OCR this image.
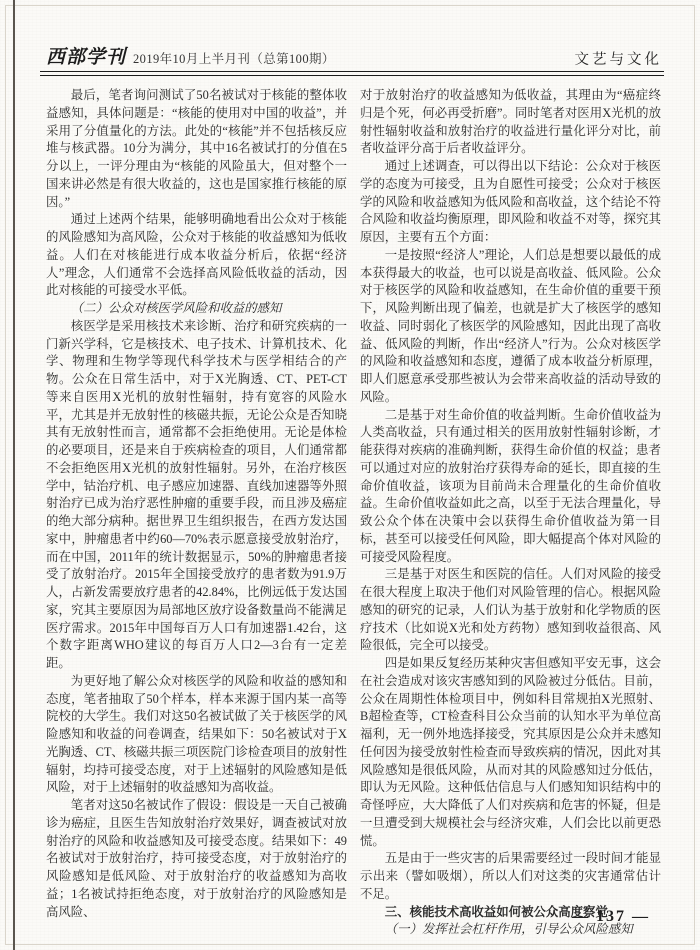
西部学刊 2019年10月上半月刊（总第100期）	文艺与文化

最后，笔者询问测试了50名被试对于核能的整体收益感知，具体问题是：“核能的使用对中国的收益”，并采用了分值量化的方法。此处的“核能”并不包括核反应堆与核武器。10分为满分，其中16名被试打的分值在5分以上，一评分理由为“核能的风险虽大，但对整个一国来讲必然是有很大收益的，这也是国家推行核能的原因。”

通过上述两个结果，能够明确地看出公众对于核能的风险感知为高风险，公众对于核能的收益感知为低收益。人们在对核能进行成本收益分析后，依据“经济人”理念，人们通常不会选择高风险低收益的活动，因此对核能的可接受水平低。

（二）公众对核医学风险和收益的感知

核医学是采用核技术来诊断、治疗和研究疾病的一门新兴学科，它是核技术、电子技术、计算机技术、化学、物理和生物学等现代科学技术与医学相结合的产物。公众在日常生活中，对于X光胸透、CT、PET-CT等来自医用X光机的放射性辐射，持有宽容的风险水平，尤其是并无放射性的核磁共振，无论公众是否知晓其有无放射性而言，通常都不会拒绝使用。无论是体检的必要项目，还是来自于疾病检查的项目，人们通常都不会拒绝医用X光机的放射性辐射。另外，在治疗核医学中，钴治疗机、电子感应加速器、直线加速器等外照射治疗已成为治疗恶性肿瘤的重要手段，而且涉及癌症的绝大部分病种。据世界卫生组织报告，在西方发达国家中，肿瘤患者中约60—70%表示愿意接受放射治疗，而在中国，2011年的统计数据显示，50%的肿瘤患者接受了放射治疗。2015年全国接受放疗的患者数为91.9万人，占新发需要放疗患者的42.84%，比例远低于发达国家，究其主要原因为局部地区放疗设备数量尚不能满足医疗需求。2015年中国每百万人口有加速器1.42台，这个数字距离WHO建议的每百万人口2—3台有一定差距。

为更好地了解公众对核医学的风险和收益的感知和态度，笔者抽取了50个样本，样本来源于国内某一高等院校的大学生。我们对这50名被试做了关于核医学的风险感知和收益的问卷调查，结果如下：50名被试对于X光胸透、CT、核磁共振三项医院门诊检查项目的放射性辐射，均持可接受态度，对于上述辐射的风险感知是低风险，对于上述辐射的收益感知为高收益。

笔者对这50名被试作了假设：假设是一天自己被确诊为癌症，且医生告知放射治疗效果好，调查被试对放射治疗的风险和收益感知及可接受态度。结果如下：49名被试对于放射治疗，持可接受态度，对于放射治疗的风险感知是低风险、对于放射治疗的收益感知为高收益；1名被试持拒绝态度，对于放射治疗的风险感知是高风险、

对于放射治疗的收益感知为低收益，其理由为“癌症终归是个死，何必再受折磨”。同时笔者对医用X光机的放射性辐射收益和放射治疗的收益进行量化评分对比，前者收益评分高于后者收益评分。

通过上述调查，可以得出以下结论：公众对于核医学的态度为可接受，且为自愿性可接受；公众对于核医学的风险和收益感知为低风险和高收益，这个结论不符合风险和收益均衡原理，即风险和收益不对等，探究其原因，主要有五个方面：

一是按照“经济人”理论，人们总是想要以最低的成本获得最大的收益，也可以说是高收益、低风险。公众对于核医学的风险和收益感知，在生命价值的重要干预下，风险判断出现了偏差，也就是扩大了核医学的感知收益、同时弱化了核医学的风险感知，因此出现了高收益、低风险的判断，作出“经济人”行为。公众对核医学的风险和收益感知和态度，遵循了成本收益分析原理，即人们愿意承受那些被认为会带来高收益的活动导致的风险。

二是基于对生命价值的收益判断。生命价值收益为人类高收益，只有通过相关的医用放射性辐射诊断，才能获得对疾病的准确判断，获得生命价值的权益；患者可以通过对应的放射治疗获得寿命的延长，即直接的生命价值收益，该项为目前尚未合理量化的生命价值收益。生命价值收益如此之高，以至于无法合理量化，导致公众个体在决策中会以获得生命价值收益为第一目标，甚至可以接受任何风险，即大幅提高个体对风险的可接受风险程度。

三是基于对医生和医院的信任。人们对风险的接受在很大程度上取决于他们对风险管理的信心。根据风险感知的研究的记录，人们认为基于放射和化学物质的医疗技术（比如说X光和处方药物）感知到收益很高、风险很低，完全可以接受。

四是如果反复经历某种灾害但感知平安无事，这会在社会造成对该灾害感知到的风险被过分低估。目前，公众在周期性体检项目中，例如科目常规拍X光照射、B超检查等，CT检查科目公众当前的认知水平为单位高福利，无一例外地选择接受，究其原因是公众并未感知任何因为接受放射性检查而导致疾病的情况，因此对其风险感知是很低风险，从而对其的风险感知过分低估，即认为无风险。这种低估信息与人们感知知识结构中的奇怪呼应，大大降低了人们对疾病和危害的怀疑，但是一旦遭受到大规模社会与经济灾难，人们会比以前更恐慌。

五是由于一些灾害的后果需要经过一段时间才能显示出来（譬如吸烟），所以人们对这类的灾害通常估计不足。

三、核能技术高收益如何被公众高度察觉

（一）发挥社会杠杆作用，引导公众风险感知

— 137 —
